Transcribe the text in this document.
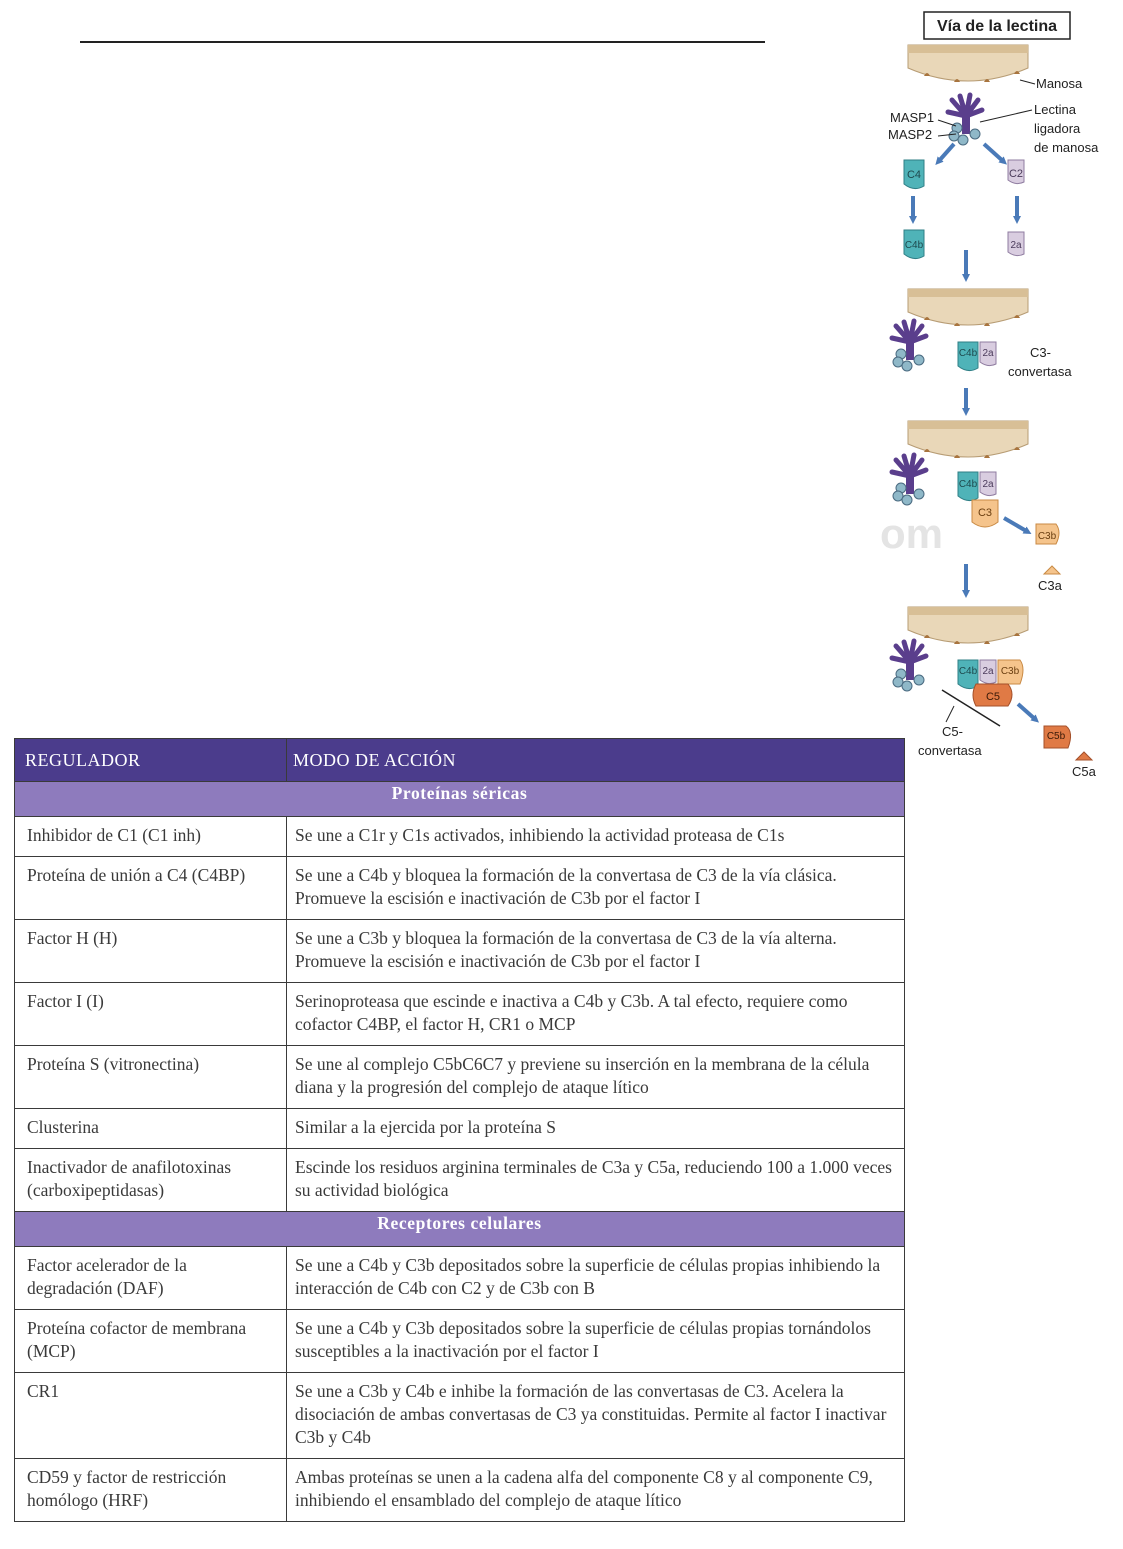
Vía de la lectina
Manosa
MASP1
MASP2
Lectina
ligadora
de manosa
C4	C2
C4b	2a
C4b 2a	C3-
convertasa
C4b 2a
C3
om	C3b
C3a
C4b 2a C3b
C5
C5-
convertasa
C5b
C5a
REGULADOR	MODO DE ACCIÓN
Proteínas séricas	
Inhibidor de C1 (C1 inh)	Se une a C1r y C1s activados, inhibiendo la actividad proteasa de C1s
Proteína de unión a C4 (C4BP)	Se une a C4b y bloquea la formación de la convertasa de C3 de la vía clásica. Promueve la escisión e inactivación de C3b por el factor I
Factor H (H)	Se une a C3b y bloquea la formación de la convertasa de C3 de la vía alterna. Promueve la escisión e inactivación de C3b por el factor I
Factor I (I)	Serinoproteasa que escinde e inactiva a C4b y C3b. A tal efecto, requiere como cofactor C4BP, el factor H, CR1 o MCP
Proteína S (vitronectina)	Se une al complejo C5bC6C7 y previene su inserción en la membrana de la célula diana y la progresión del complejo de ataque lítico
Clusterina	Similar a la ejercida por la proteína S
Inactivador de anafilotoxinas (carboxipeptidasas)	Escinde los residuos arginina terminales de C3a y C5a, reduciendo 100 a 1.000 veces su actividad biológica
Receptores celulares	
Factor acelerador de la degradación (DAF)	Se une a C4b y C3b depositados sobre la superficie de células propias inhibiendo la interacción de C4b con C2 y de C3b con B
Proteína cofactor de membrana (MCP)	Se une a C4b y C3b depositados sobre la superficie de células propias tornándolos susceptibles a la inactivación por el factor I
CR1	Se une a C3b y C4b e inhibe la formación de las convertasas de C3. Acelera la disociación de ambas convertasas de C3 ya constituidas. Permite al factor I inactivar C3b y C4b
CD59 y factor de restricción homólogo (HRF)	Ambas proteínas se unen a la cadena alfa del componente C8 y al componente C9, inhibiendo el ensamblado del complejo de ataque lítico
